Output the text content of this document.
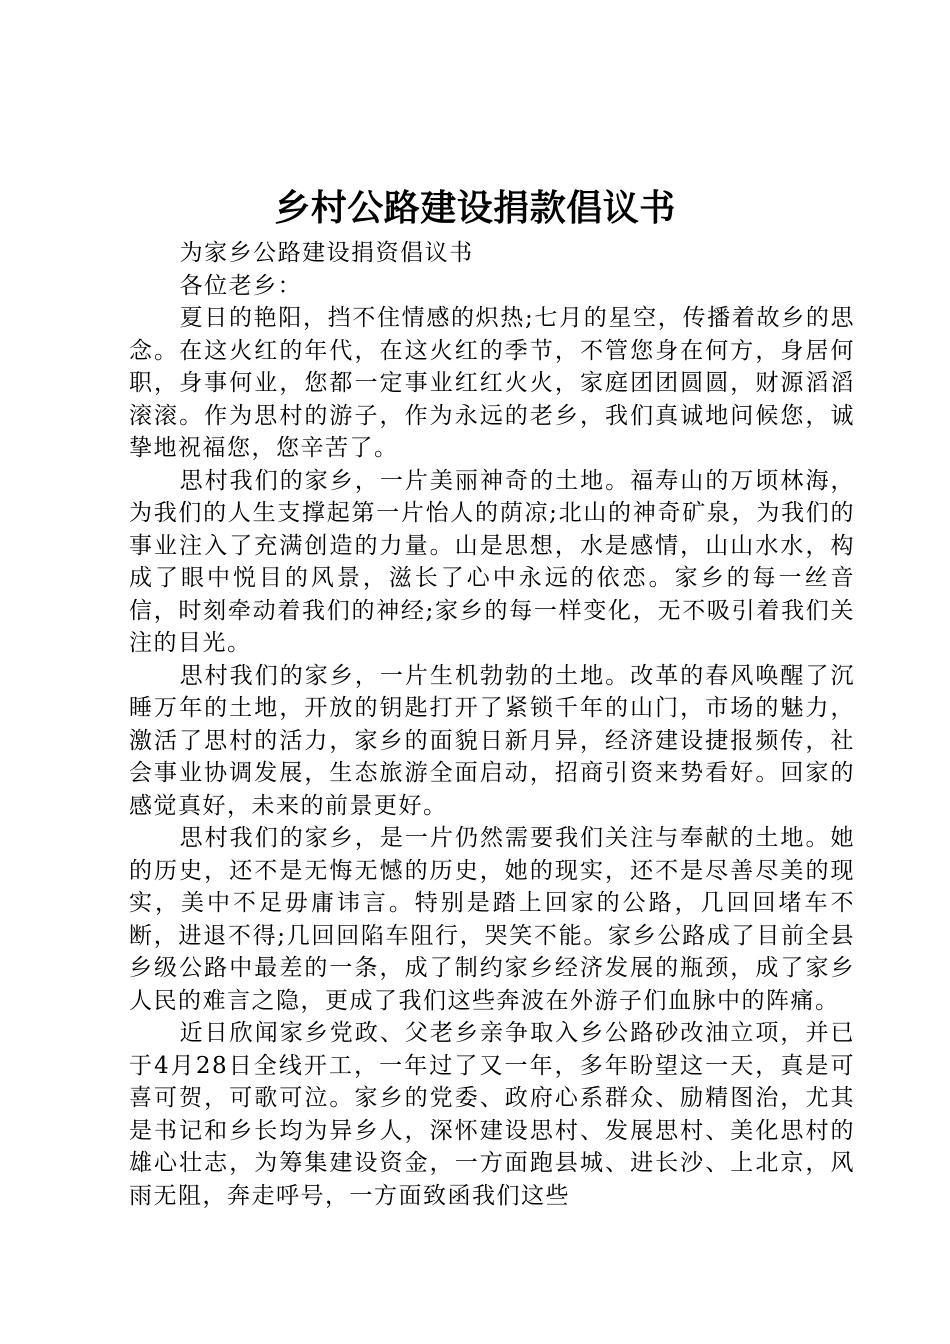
乡村公路建设捐款倡议书

为家乡公路建设捐资倡议书

各位老乡：

夏日的艳阳，挡不住情感的炽热;七月的星空，传播着故乡的思念。在这火红的年代，在这火红的季节，不管您身在何方，身居何职，身事何业，您都一定事业红红火火，家庭团团圆圆，财源滔滔滚滚。作为思村的游子，作为永远的老乡，我们真诚地问候您，诚挚地祝福您，您辛苦了。

思村我们的家乡，一片美丽神奇的土地。福寿山的万顷林海，为我们的人生支撑起第一片怡人的荫凉;北山的神奇矿泉，为我们的事业注入了充满创造的力量。山是思想，水是感情，山山水水，构成了眼中悦目的风景，滋长了心中永远的依恋。家乡的每一丝音信，时刻牵动着我们的神经;家乡的每一样变化，无不吸引着我们关注的目光。

思村我们的家乡，一片生机勃勃的土地。改革的春风唤醒了沉睡万年的土地，开放的钥匙打开了紧锁千年的山门，市场的魅力，激活了思村的活力，家乡的面貌日新月异，经济建设捷报频传，社会事业协调发展，生态旅游全面启动，招商引资来势看好。回家的感觉真好，未来的前景更好。

思村我们的家乡，是一片仍然需要我们关注与奉献的土地。她的历史，还不是无悔无憾的历史，她的现实，还不是尽善尽美的现实，美中不足毋庸讳言。特别是踏上回家的公路，几回回堵车不断，进退不得;几回回陷车阻行，哭笑不能。家乡公路成了目前全县乡级公路中最差的一条，成了制约家乡经济发展的瓶颈，成了家乡人民的难言之隐，更成了我们这些奔波在外游子们血脉中的阵痛。

近日欣闻家乡党政、父老乡亲争取入乡公路砂改油立项，并已于4月28日全线开工，一年过了又一年，多年盼望这一天，真是可喜可贺，可歌可泣。家乡的党委、政府心系群众、励精图治，尤其是书记和乡长均为异乡人，深怀建设思村、发展思村、美化思村的雄心壮志，为筹集建设资金，一方面跑县城、进长沙、上北京，风雨无阻，奔走呼号，一方面致函我们这些
